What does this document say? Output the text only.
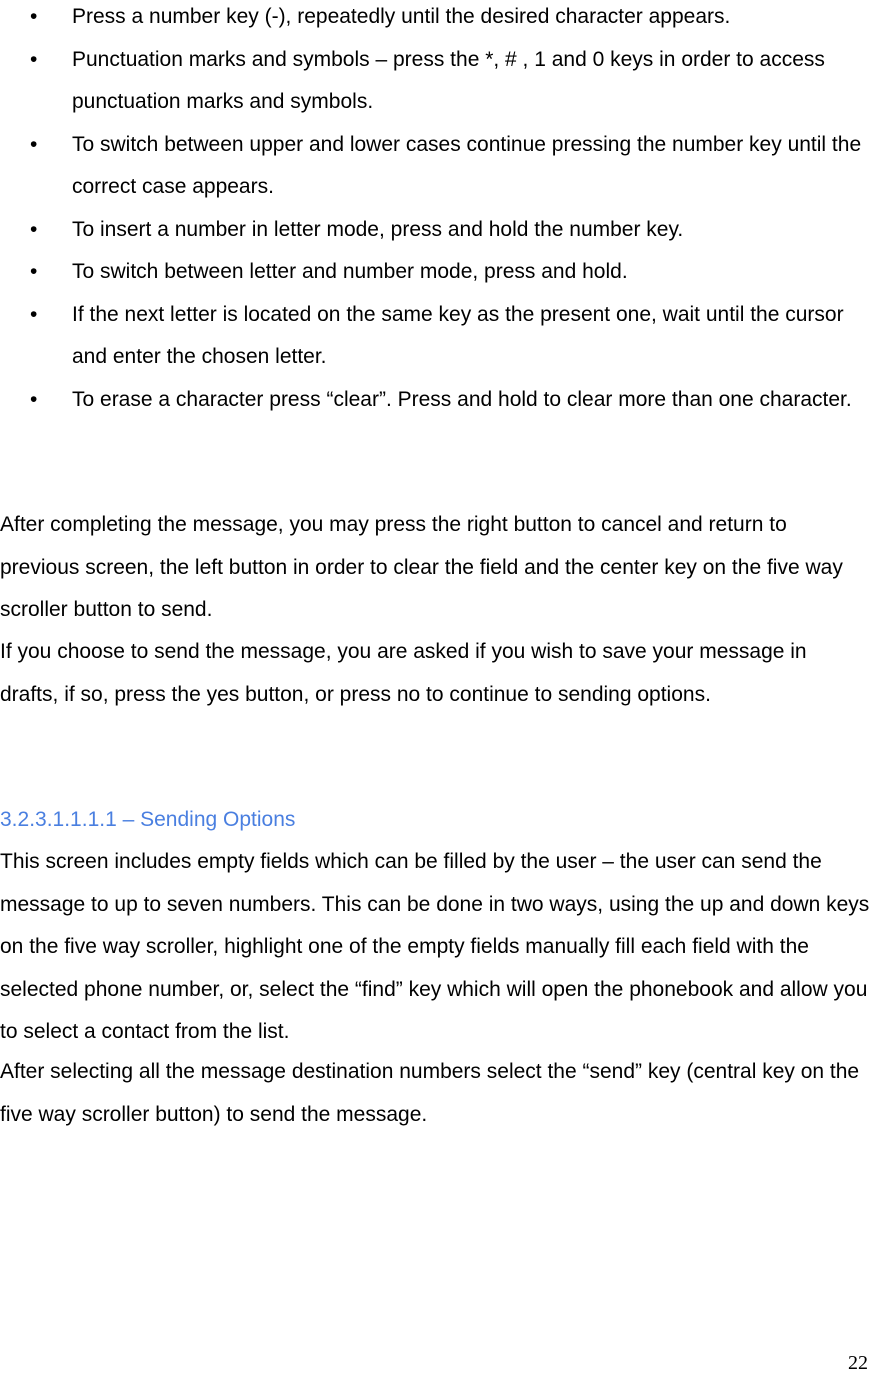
• Press a number key (-), repeatedly until the desired character appears.
• Punctuation marks and symbols – press the *, # , 1 and 0 keys in order to access punctuation marks and symbols.
• To switch between upper and lower cases continue pressing the number key until the correct case appears.
• To insert a number in letter mode, press and hold the number key.
• To switch between letter and number mode, press and hold.
• If the next letter is located on the same key as the present one, wait until the cursor and enter the chosen letter.
• To erase a character press “clear”. Press and hold to clear more than one character.

After completing the message, you may press the right button to cancel and return to previous screen, the left button in order to clear the field and the center key on the five way scroller button to send.

If you choose to send the message, you are asked if you wish to save your message in drafts, if so, press the yes button, or press no to continue to sending options.

3.2.3.1.1.1.1 – Sending Options

This screen includes empty fields which can be filled by the user – the user can send the message to up to seven numbers. This can be done in two ways, using the up and down keys on the five way scroller, highlight one of the empty fields manually fill each field with the selected phone number, or, select the “find” key which will open the phonebook and allow you to select a contact from the list.

After selecting all the message destination numbers select the “send” key (central key on the five way scroller button) to send the message.

22
